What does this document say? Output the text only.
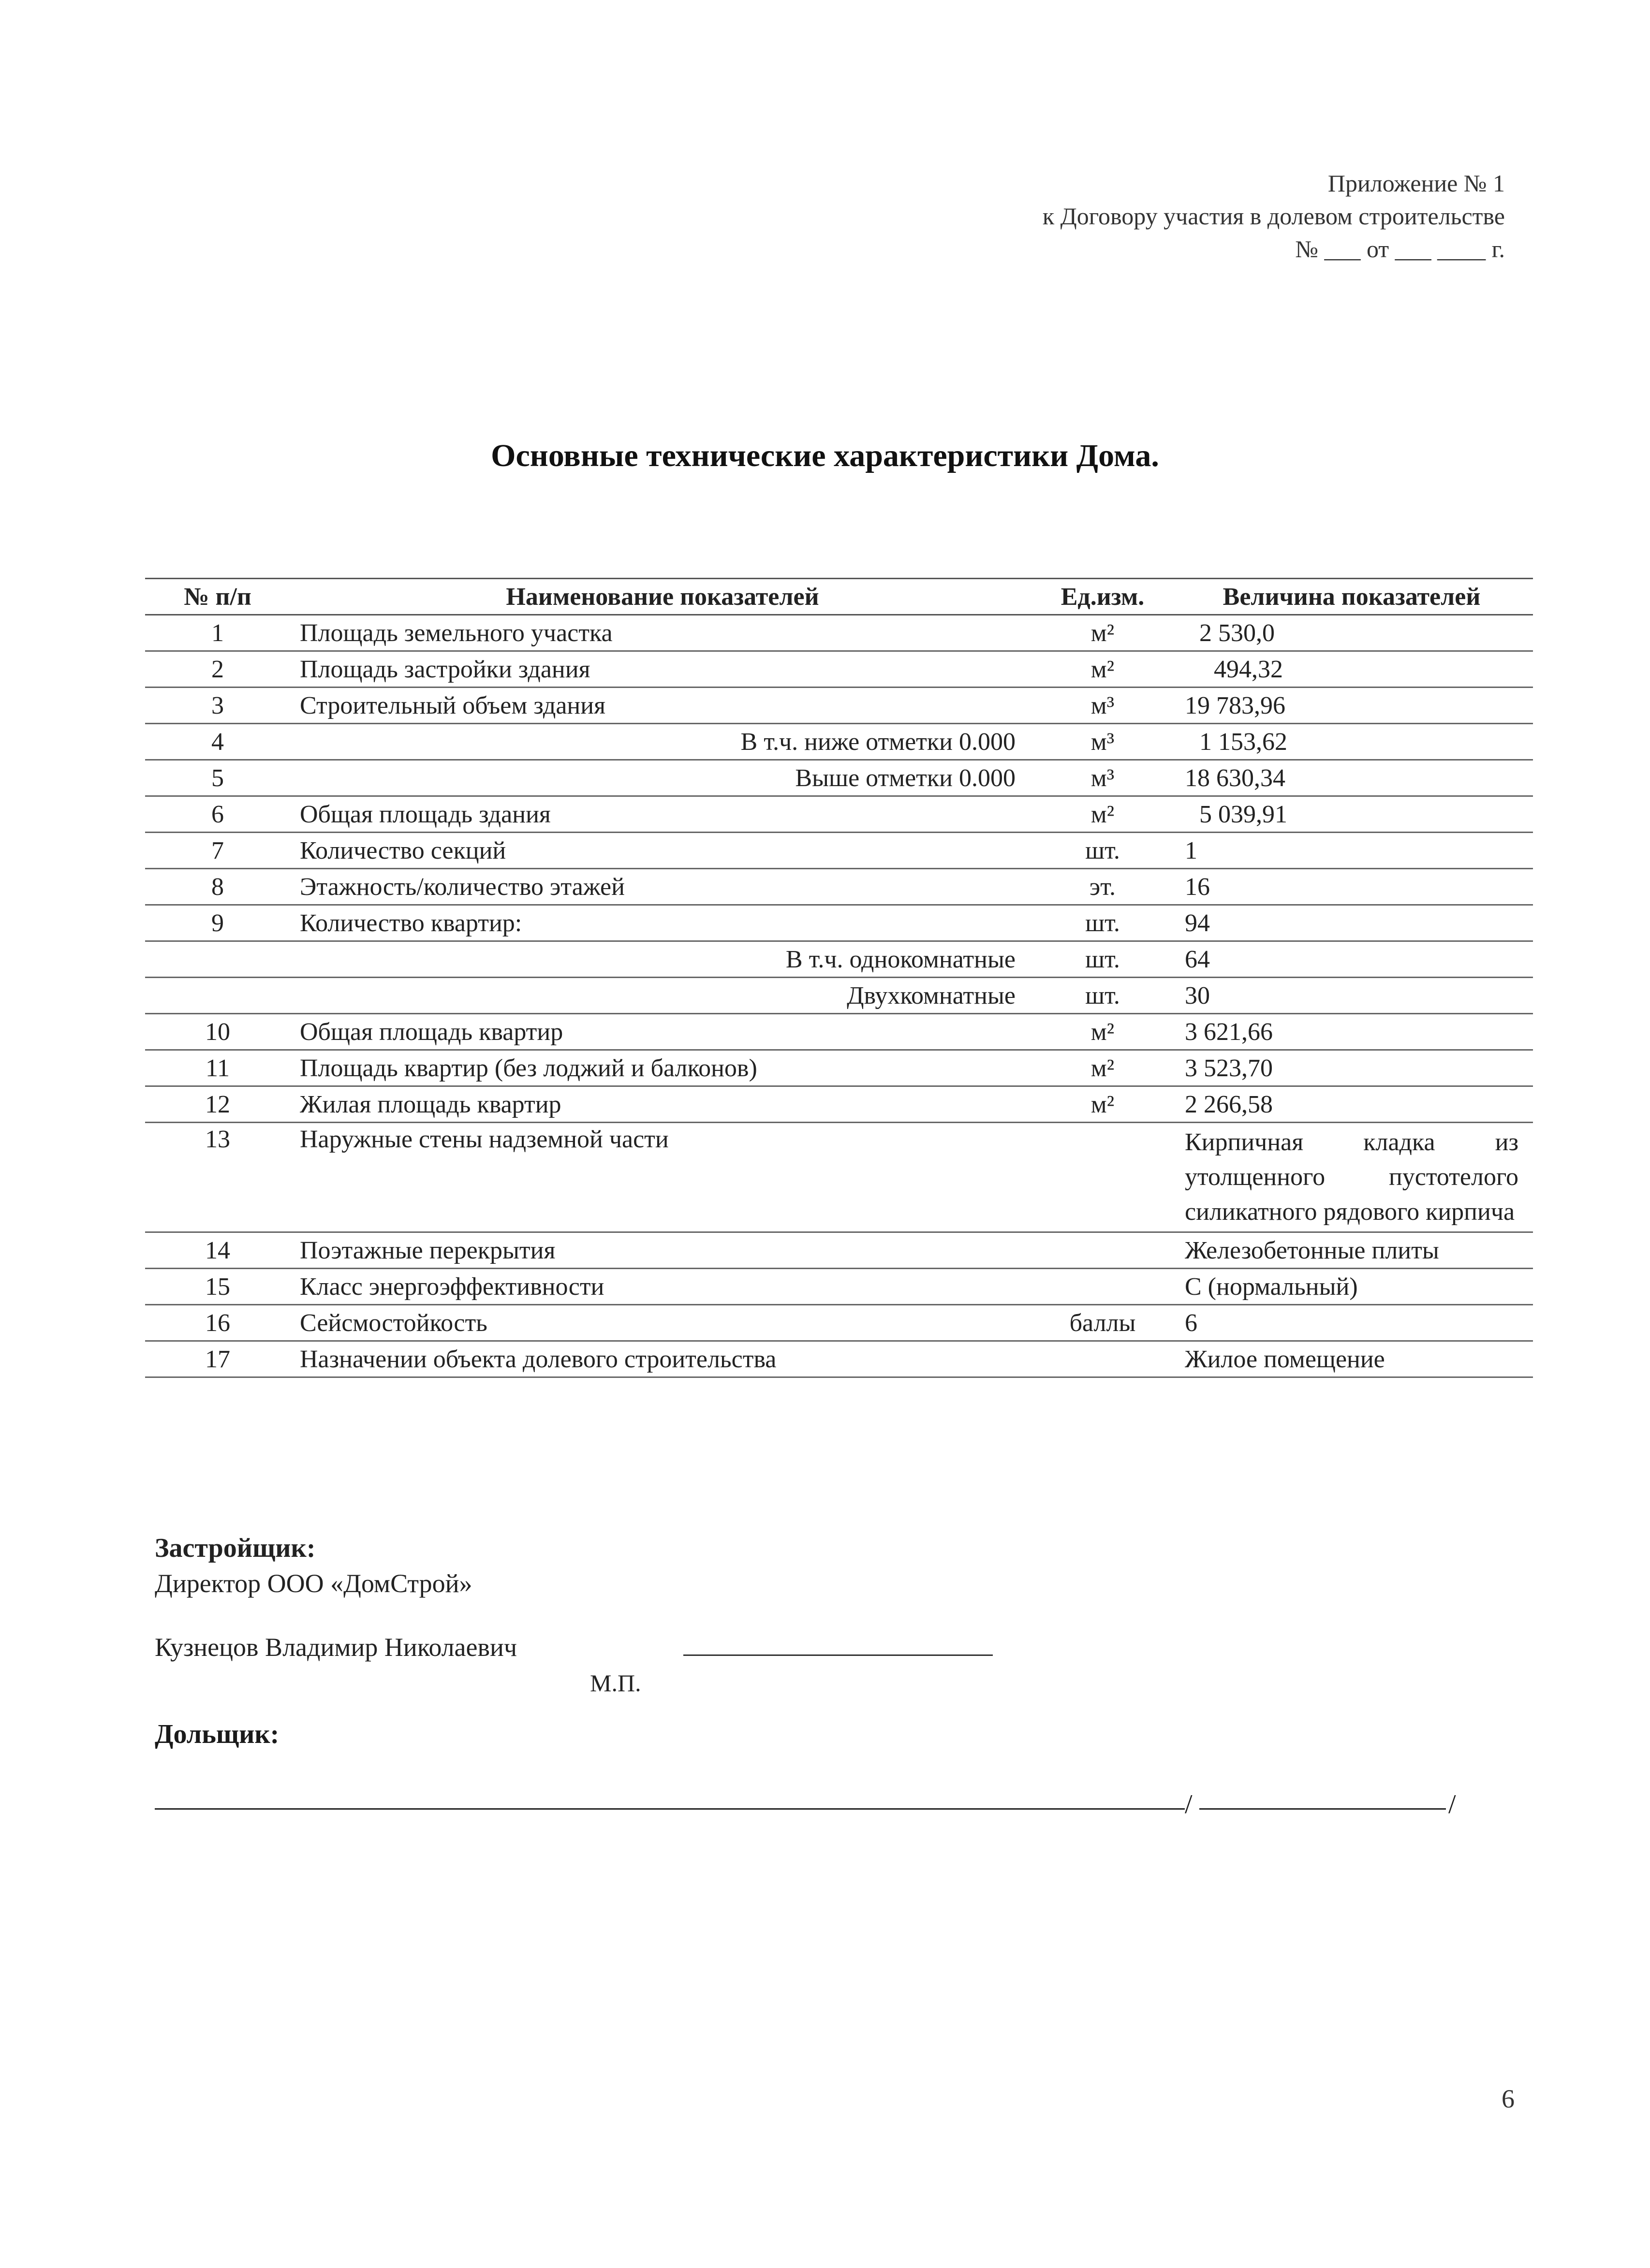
Приложение № 1
к Договору участия в долевом строительстве
№ ___ от ___ ____ г.
Основные технические характеристики Дома.
№ п/п	Наименование показателей	Ед.изм.	Величина показателей
1	Площадь земельного участка	м²	2 530,0
2	Площадь застройки здания	м²	494,32
3	Строительный объем здания	м³	19 783,96
4	В т.ч. ниже отметки 0.000	м³	1 153,62
5	Выше отметки 0.000	м³	18 630,34
6	Общая площадь здания	м²	5 039,91
7	Количество секций	шт.	1
8	Этажность/количество этажей	эт.	16
9	Количество квартир:	шт.	94
	В т.ч. однокомнатные	шт.	64
	Двухкомнатные	шт.	30
10	Общая площадь квартир	м²	3 621,66
11	Площадь квартир (без лоджий и балконов)	м²	3 523,70
12	Жилая площадь квартир	м²	2 266,58
13	Наружные стены надземной части		Кирпичная кладка из утолщенного пустотелого силикатного рядового кирпича

14	Поэтажные перекрытия		Железобетонные плиты
15	Класс энергоэффективности		С (нормальный)
16	Сейсмостойкость	баллы	6
17	Назначении объекта долевого строительства		Жилое помещение
Застройщик:
Директор ООО «ДомСтрой»
Кузнецов Владимир Николаевич
М.П.
Дольщик:
/	/
6
